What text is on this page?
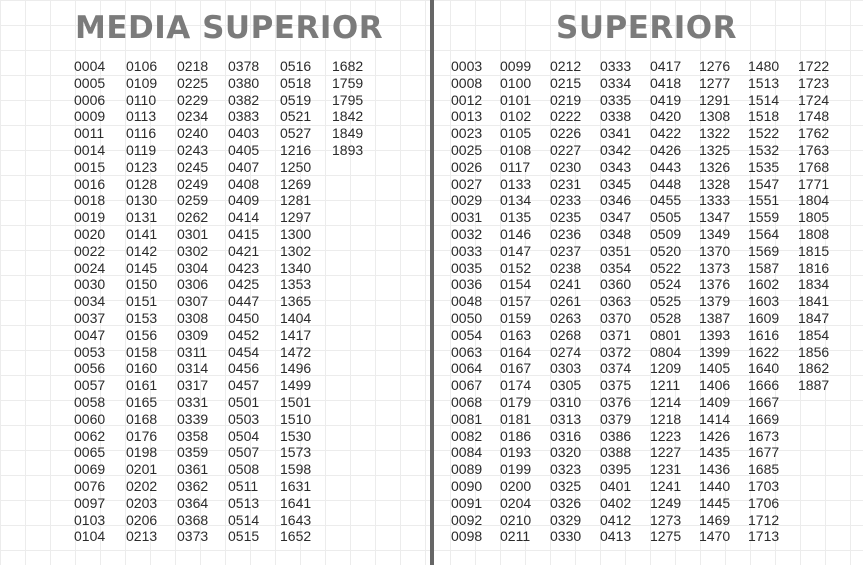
MEDIA SUPERIOR
0004
0005
0006
0009
0011
0014
0015
0016
0018
0019
0020
0022
0024
0030
0034
0037
0047
0053
0056
0057
0058
0060
0062
0065
0069
0076
0097
0103
0104
0106
0109
0110
0113
0116
0119
0123
0128
0130
0131
0141
0142
0145
0150
0151
0153
0156
0158
0160
0161
0165
0168
0176
0198
0201
0202
0203
0206
0213
0218
0225
0229
0234
0240
0243
0245
0249
0259
0262
0301
0302
0304
0306
0307
0308
0309
0311
0314
0317
0331
0339
0358
0359
0361
0362
0364
0368
0373
0378
0380
0382
0383
0403
0405
0407
0408
0409
0414
0415
0421
0423
0425
0447
0450
0452
0454
0456
0457
0501
0503
0504
0507
0508
0511
0513
0514
0515
0516
0518
0519
0521
0527
1216
1250
1269
1281
1297
1300
1302
1340
1353
1365
1404
1417
1472
1496
1499
1501
1510
1530
1573
1598
1631
1641
1643
1652
1682
1759
1795
1842
1849
1893
SUPERIOR
0003
0008
0012
0013
0023
0025
0026
0027
0029
0031
0032
0033
0035
0036
0048
0050
0054
0063
0064
0067
0068
0081
0082
0084
0089
0090
0091
0092
0098
0099
0100
0101
0102
0105
0108
0117
0133
0134
0135
0146
0147
0152
0154
0157
0159
0163
0164
0167
0174
0179
0181
0186
0193
0199
0200
0204
0210
0211
0212
0215
0219
0222
0226
0227
0230
0231
0233
0235
0236
0237
0238
0241
0261
0263
0268
0274
0303
0305
0310
0313
0316
0320
0323
0325
0326
0329
0330
0333
0334
0335
0338
0341
0342
0343
0345
0346
0347
0348
0351
0354
0360
0363
0370
0371
0372
0374
0375
0376
0379
0386
0388
0395
0401
0402
0412
0413
0417
0418
0419
0420
0422
0426
0443
0448
0455
0505
0509
0520
0522
0524
0525
0528
0801
0804
1209
1211
1214
1218
1223
1227
1231
1241
1249
1273
1275
1276
1277
1291
1308
1322
1325
1326
1328
1333
1347
1349
1370
1373
1376
1379
1387
1393
1399
1405
1406
1409
1414
1426
1435
1436
1440
1445
1469
1470
1480
1513
1514
1518
1522
1532
1535
1547
1551
1559
1564
1569
1587
1602
1603
1609
1616
1622
1640
1666
1667
1669
1673
1677
1685
1703
1706
1712
1713
1722
1723
1724
1748
1762
1763
1768
1771
1804
1805
1808
1815
1816
1834
1841
1847
1854
1856
1862
1887
